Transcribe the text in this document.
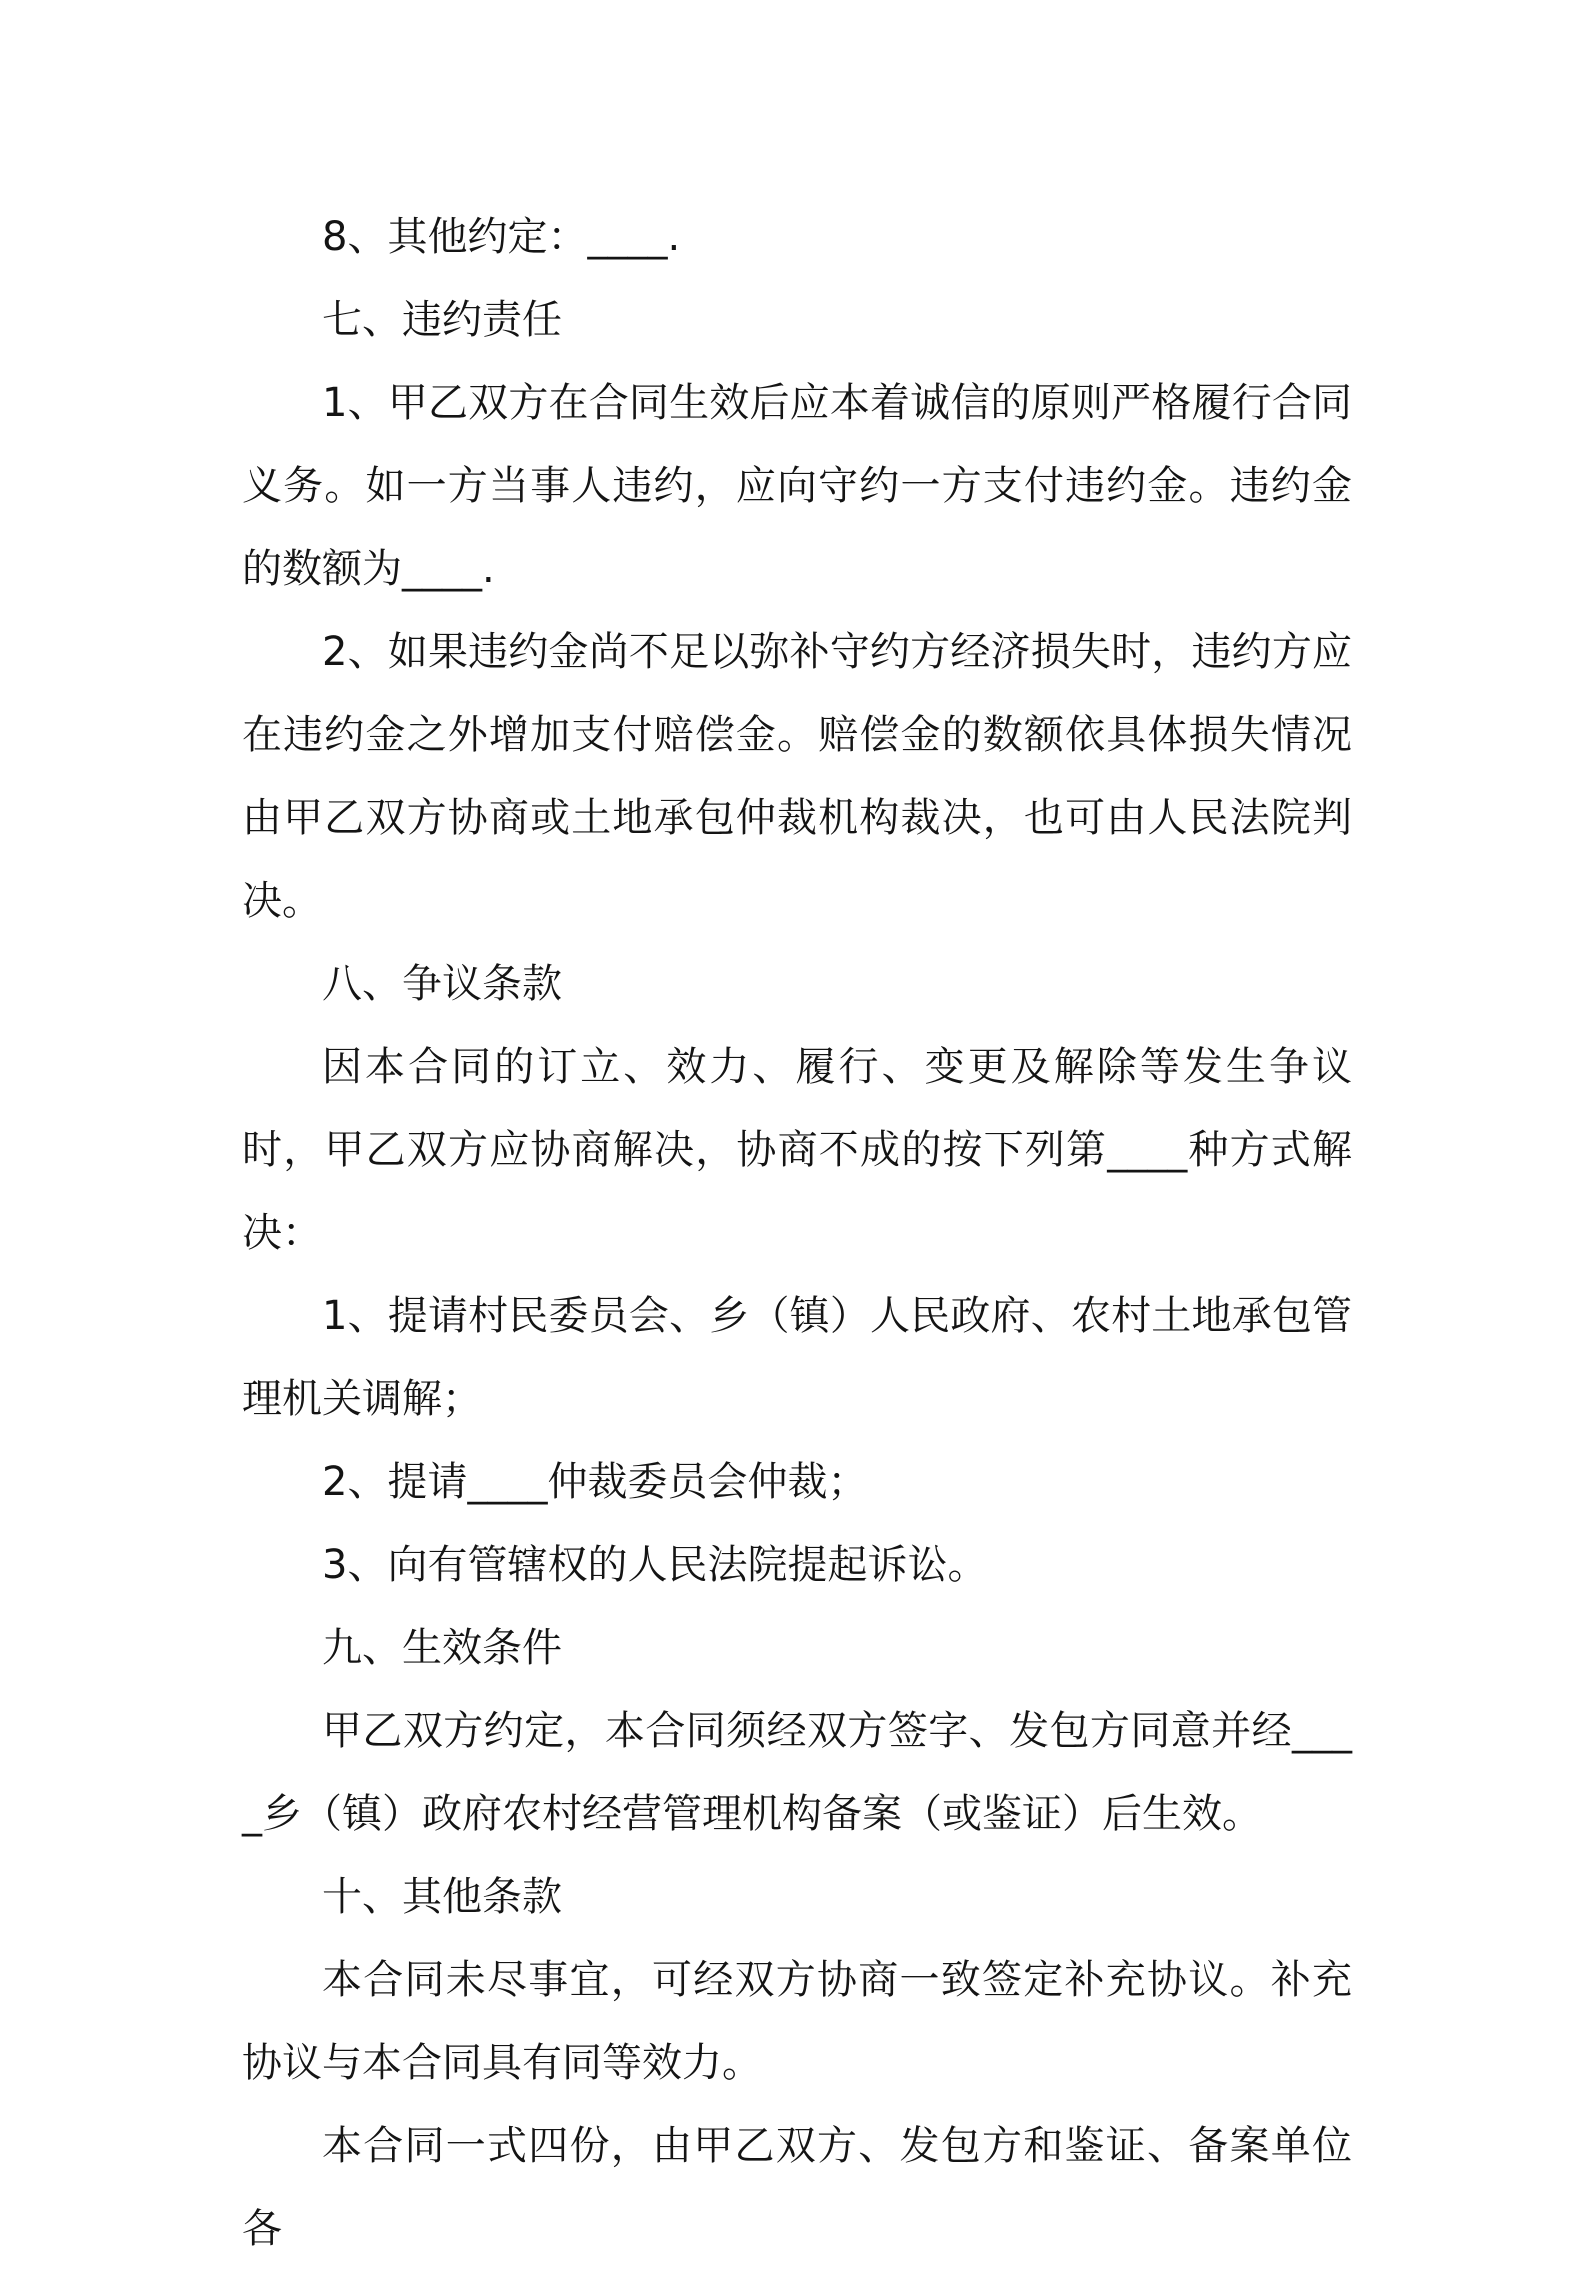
8、其他约定：____.

七、违约责任

1、甲乙双方在合同生效后应本着诚信的原则严格履行合同义务。如一方当事人违约，应向守约一方支付违约金。违约金的数额为____.

2、如果违约金尚不足以弥补守约方经济损失时，违约方应在违约金之外增加支付赔偿金。赔偿金的数额依具体损失情况由甲乙双方协商或土地承包仲裁机构裁决，也可由人民法院判决。

八、争议条款

因本合同的订立、效力、履行、变更及解除等发生争议时，甲乙双方应协商解决，协商不成的按下列第____种方式解决：

1、提请村民委员会、乡（镇）人民政府、农村土地承包管理机关调解；

2、提请____仲裁委员会仲裁；

3、向有管辖权的人民法院提起诉讼。

九、生效条件

甲乙双方约定，本合同须经双方签字、发包方同意并经____乡（镇）政府农村经营管理机构备案（或鉴证）后生效。

十、其他条款

本合同未尽事宜，可经双方协商一致签定补充协议。补充协议与本合同具有同等效力。

本合同一式四份，由甲乙双方、发包方和鉴证、备案单位各
